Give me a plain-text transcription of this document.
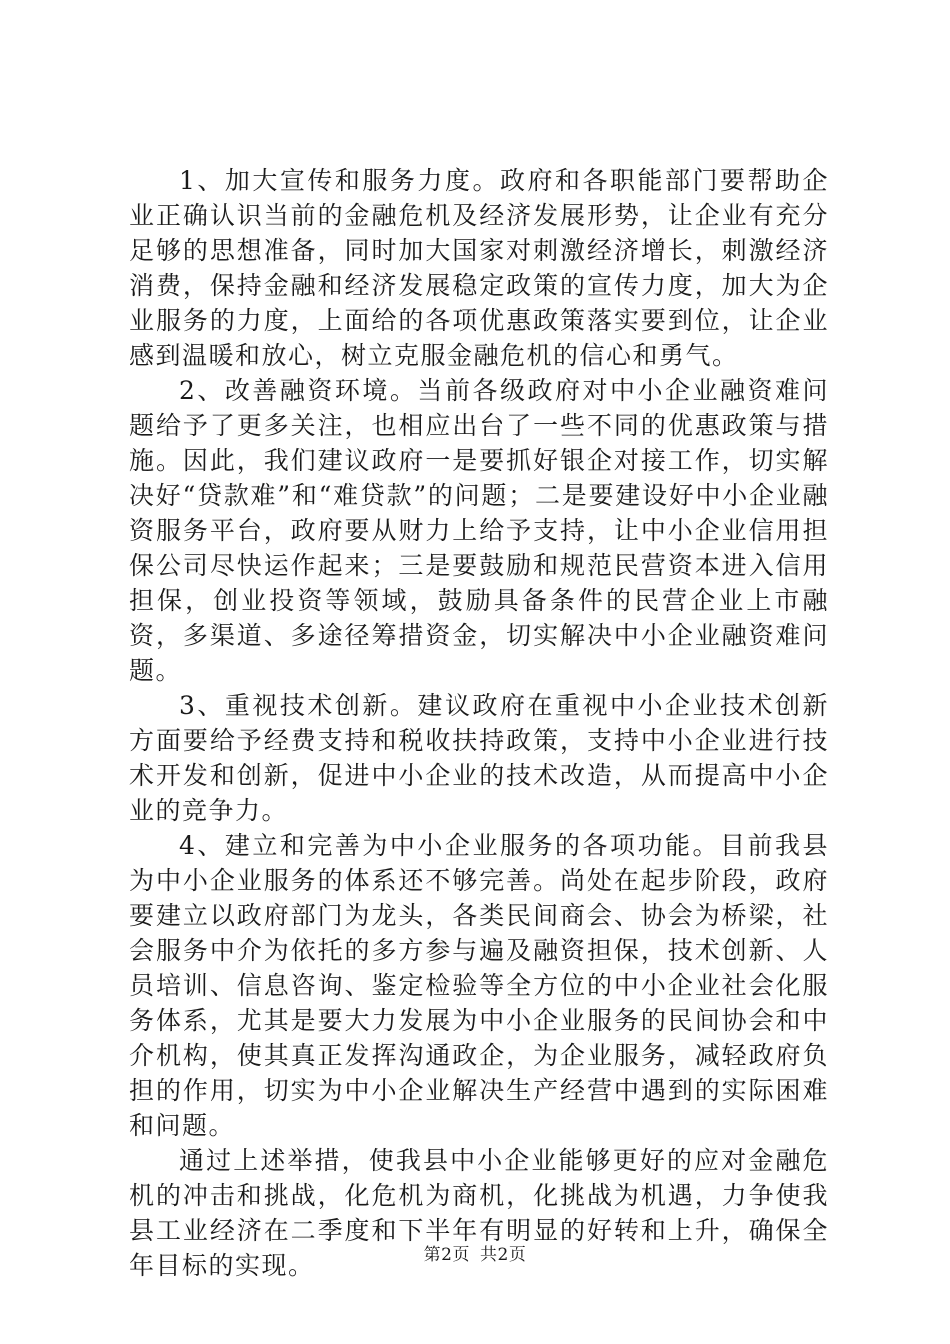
1、加大宣传和服务力度。政府和各职能部门要帮助企业正确认识当前的金融危机及经济发展形势，让企业有充分足够的思想准备，同时加大国家对刺激经济增长，刺激经济消费，保持金融和经济发展稳定政策的宣传力度，加大为企业服务的力度，上面给的各项优惠政策落实要到位，让企业感到温暖和放心，树立克服金融危机的信心和勇气。

2、改善融资环境。当前各级政府对中小企业融资难问题给予了更多关注，也相应出台了一些不同的优惠政策与措施。因此，我们建议政府一是要抓好银企对接工作，切实解决好“贷款难”和“难贷款”的问题；二是要建设好中小企业融资服务平台，政府要从财力上给予支持，让中小企业信用担保公司尽快运作起来；三是要鼓励和规范民营资本进入信用担保，创业投资等领域，鼓励具备条件的民营企业上市融资，多渠道、多途径筹措资金，切实解决中小企业融资难问题。

3、重视技术创新。建议政府在重视中小企业技术创新方面要给予经费支持和税收扶持政策，支持中小企业进行技术开发和创新，促进中小企业的技术改造，从而提高中小企业的竞争力。

4、建立和完善为中小企业服务的各项功能。目前我县为中小企业服务的体系还不够完善。尚处在起步阶段，政府要建立以政府部门为龙头，各类民间商会、协会为桥梁，社会服务中介为依托的多方参与遍及融资担保，技术创新、人员培训、信息咨询、鉴定检验等全方位的中小企业社会化服务体系，尤其是要大力发展为中小企业服务的民间协会和中介机构，使其真正发挥沟通政企，为企业服务，减轻政府负担的作用，切实为中小企业解决生产经营中遇到的实际困难和问题。

通过上述举措，使我县中小企业能够更好的应对金融危机的冲击和挑战，化危机为商机，化挑战为机遇，力争使我县工业经济在二季度和下半年有明显的好转和上升，确保全年目标的实现。	第2页 共2页
